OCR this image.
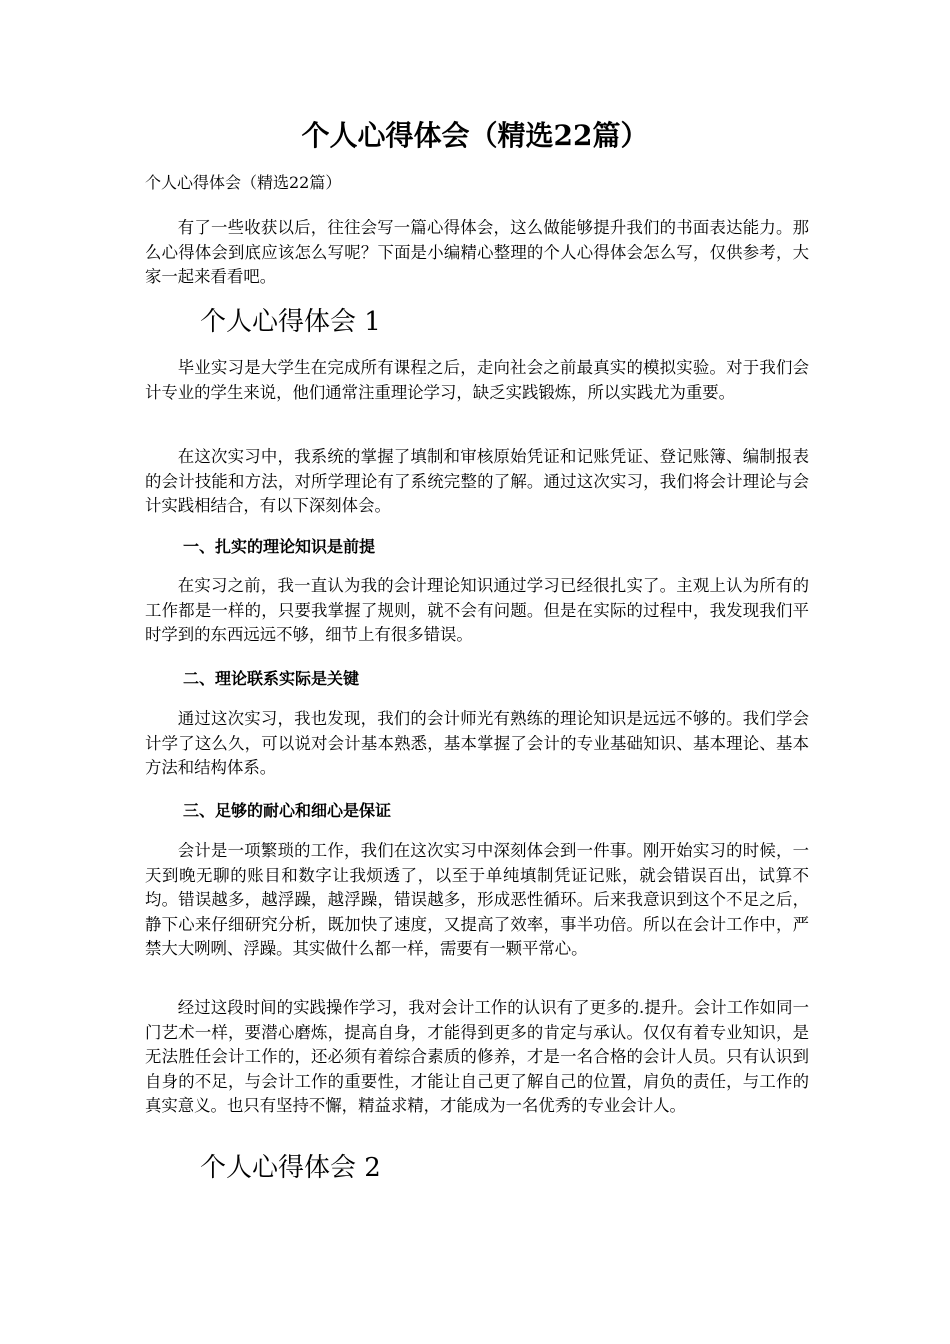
个人心得体会（精选22篇）
个人心得体会（精选22篇）

有了一些收获以后，往往会写一篇心得体会，这么做能够提升我们的书面表达能力。那么心得体会到底应该怎么写呢？下面是小编精心整理的个人心得体会怎么写，仅供参考，大家一起来看看吧。

个人心得体会 1

毕业实习是大学生在完成所有课程之后，走向社会之前最真实的模拟实验。对于我们会计专业的学生来说，他们通常注重理论学习，缺乏实践锻炼，所以实践尤为重要。

在这次实习中，我系统的掌握了填制和审核原始凭证和记账凭证、登记账簿、编制报表的会计技能和方法，对所学理论有了系统完整的了解。通过这次实习，我们将会计理论与会计实践相结合，有以下深刻体会。

一、扎实的理论知识是前提

在实习之前，我一直认为我的会计理论知识通过学习已经很扎实了。主观上认为所有的工作都是一样的，只要我掌握了规则，就不会有问题。但是在实际的过程中，我发现我们平时学到的东西远远不够，细节上有很多错误。

二、理论联系实际是关键

通过这次实习，我也发现，我们的会计师光有熟练的理论知识是远远不够的。我们学会计学了这么久，可以说对会计基本熟悉，基本掌握了会计的专业基础知识、基本理论、基本方法和结构体系。

三、足够的耐心和细心是保证

会计是一项繁琐的工作，我们在这次实习中深刻体会到一件事。刚开始实习的时候，一天到晚无聊的账目和数字让我烦透了，以至于单纯填制凭证记账，就会错误百出，试算不均。错误越多，越浮躁，越浮躁，错误越多，形成恶性循环。后来我意识到这个不足之后，静下心来仔细研究分析，既加快了速度，又提高了效率，事半功倍。所以在会计工作中，严禁大大咧咧、浮躁。其实做什么都一样，需要有一颗平常心。

经过这段时间的实践操作学习，我对会计工作的认识有了更多的.提升。会计工作如同一门艺术一样，要潜心磨炼，提高自身，才能得到更多的肯定与承认。仅仅有着专业知识，是无法胜任会计工作的，还必须有着综合素质的修养，才是一名合格的会计人员。只有认识到自身的不足，与会计工作的重要性，才能让自己更了解自己的位置，肩负的责任，与工作的真实意义。也只有坚持不懈，精益求精，才能成为一名优秀的专业会计人。

个人心得体会 2
